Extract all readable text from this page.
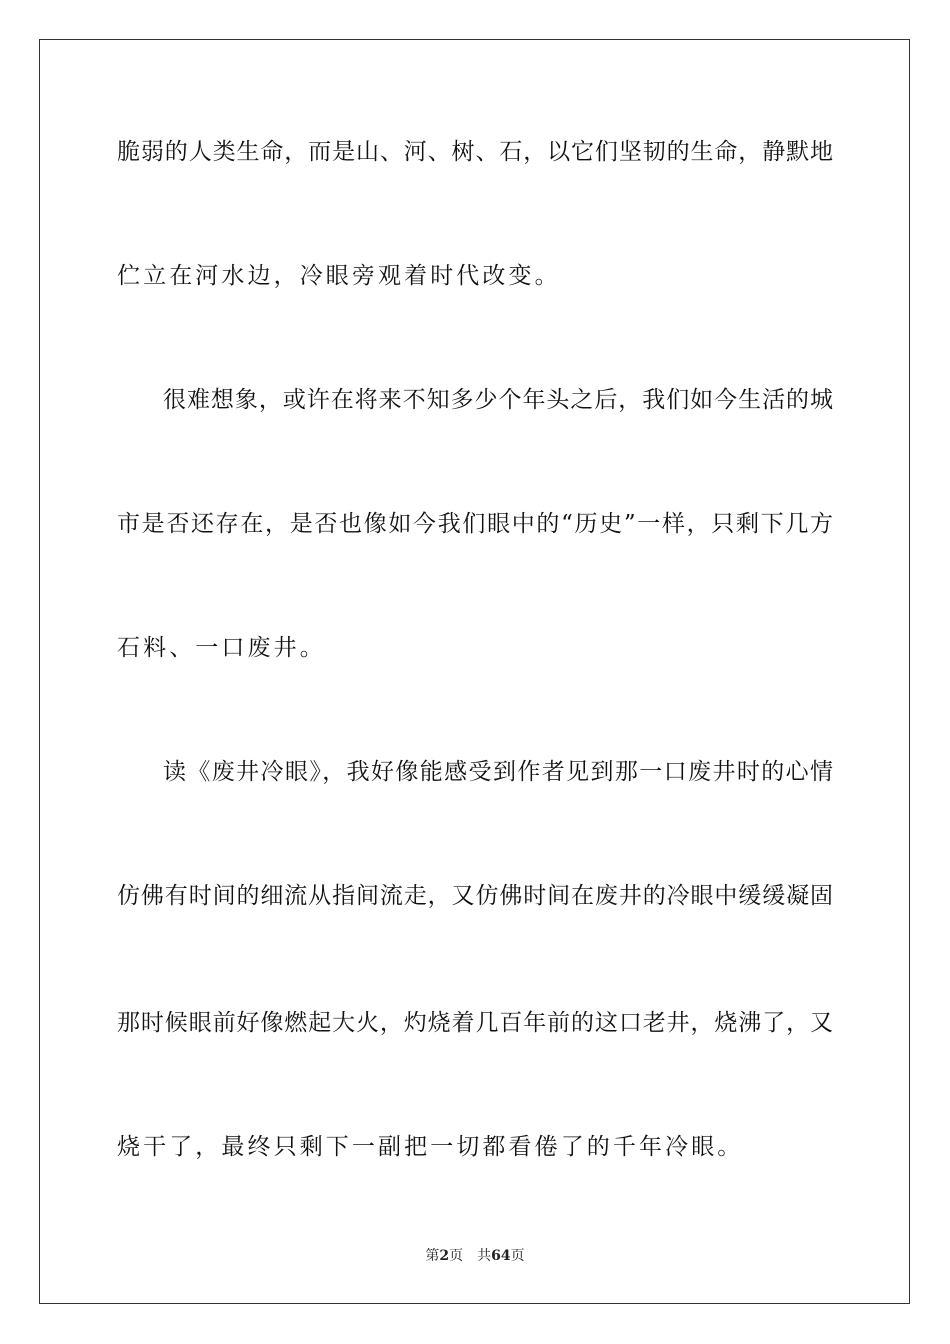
脆弱的人类生命，而是山、河、树、石，以它们坚韧的生命，静默地
伫立在河水边，冷眼旁观着时代改变。
很难想象，或许在将来不知多少个年头之后，我们如今生活的城
市是否还存在，是否也像如今我们眼中的“历史”一样，只剩下几方
石料、一口废井。
读《废井冷眼》，我好像能感受到作者见到那一口废井时的心情
仿佛有时间的细流从指间流走，又仿佛时间在废井的冷眼中缓缓凝固
那时候眼前好像燃起大火，灼烧着几百年前的这口老井，烧沸了，又
烧干了，最终只剩下一副把一切都看倦了的千年冷眼。
第2页 共64页
